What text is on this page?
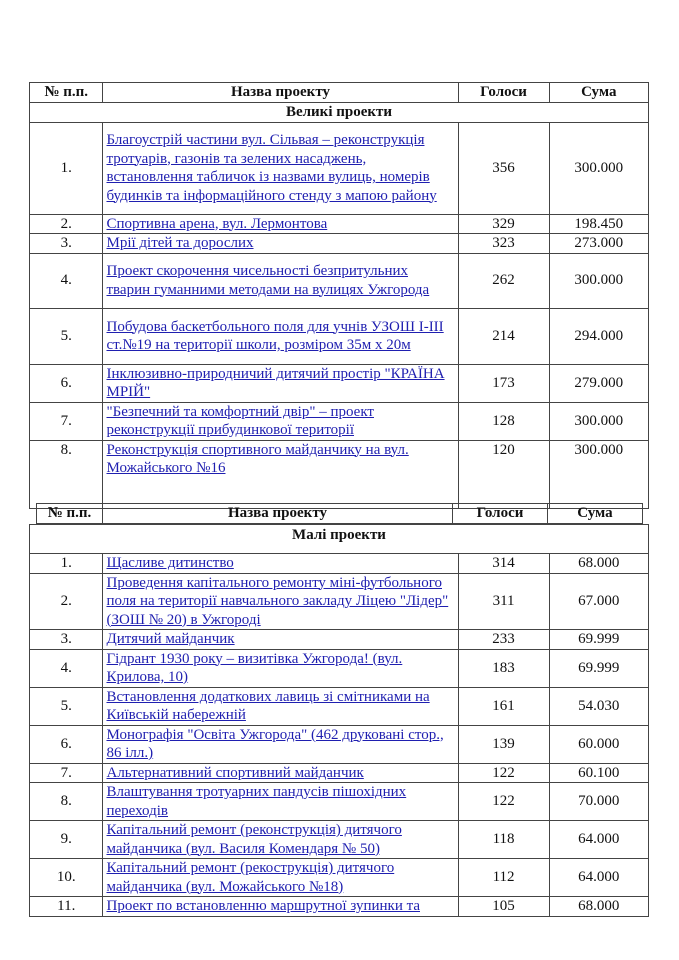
№ п.п.	Назва проекту	Голоси	Сума
Великі проекти			
1.	Благоустрій частини вул. Сільвая – реконструкція тротуарів, газонів та зелених насаджень, встановлення табличок із назвами вулиць, номерів будинків та інформаційного стенду з мапою району	356	300.000
2.	Спортивна арена, вул. Лермонтова	329	198.450
3.	Мрії дітей та дорослих	323	273.000
4.	Проект скорочення чисельності безпритульних тварин гуманними методами на вулицях Ужгорода	262	300.000
5.	Побудова баскетбольного поля для учнів УЗОШ І-ІІІ ст.№19 на території школи, розміром 35м х 20м	214	294.000
6.	Інклюзивно-природничий дитячий простір "КРАЇНА МРІЙ"	173	279.000
7.	"Безпечний та комфортний двір" – проект реконструкції прибудинкової території	128	300.000
8.	Реконструкція спортивного майданчику на вул. Можайського №16	120	300.000
№ п.п.	Назва проекту	Голоси	Сума
Малі проекти			
1.	Щасливе дитинство	314	68.000
2.	Проведення капітального ремонту міні-футбольного поля на території навчального закладу Ліцею "Лідер" (ЗОШ № 20) в Ужгороді	311	67.000
3.	Дитячий майданчик	233	69.999
4.	Гідрант 1930 року – визитівка Ужгорода! (вул. Крилова, 10)	183	69.999
5.	Встановлення додаткових лавиць зі смітниками на Київській набережній	161	54.030
6.	Монографія "Освіта Ужгорода" (462 друковані стор., 86 ілл.)	139	60.000
7.	Альтернативний спортивний майданчик	122	60.100
8.	Влаштування тротуарних пандусів пішохідних переходів	122	70.000
9.	Капітальний ремонт (реконструкція) дитячого майданчика (вул. Василя Комендаря № 50)	118	64.000
10.	Капітальний ремонт (рекострукція) дитячого майданчика (вул. Можайського №18)	112	64.000
11.	Проект по встановленню маршрутної зупинки та	105	68.000
